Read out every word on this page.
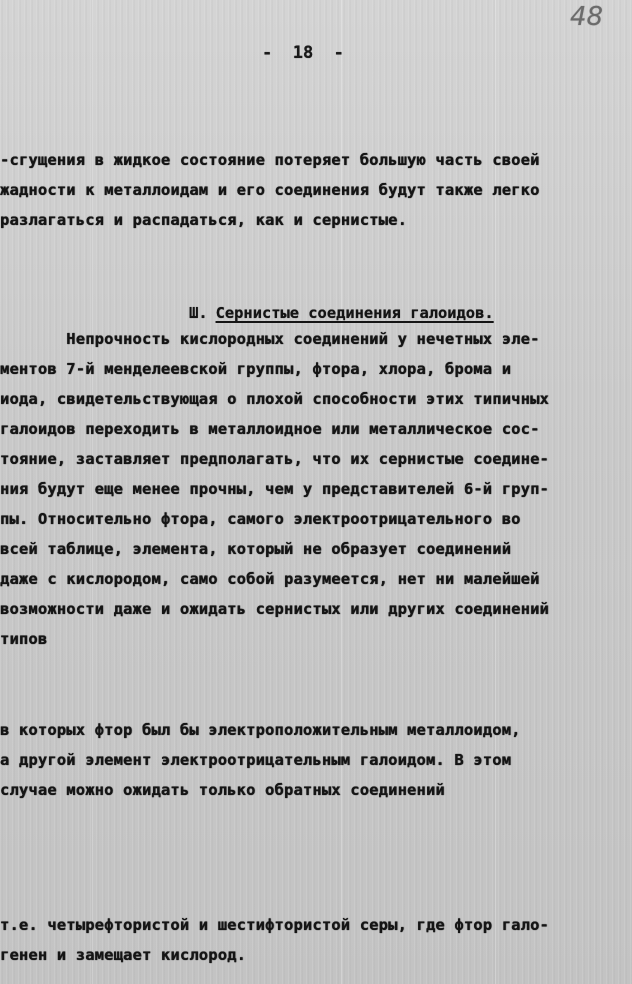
48
-  18  -
-сгущения в жидкое состояние потеряет большую часть своей
жадности к металлоидам и его соединения будут также легко
разлагаться и распадаться, как и сернистые.

Ш. Сернистые соединения галоидов.

Непрочность кислородных соединений у нечетных эле-
ментов 7-й менделеевской группы, фтора, хлора, брома и
иода, свидетельствующая о плохой способности этих типичных
галоидов переходить в металлоидное или металлическое сос-
тояние, заставляет предполагать, что их сернистые соедине-
ния будут еще менее прочны, чем у представителей 6-й груп-
пы. Относительно фтора, самого электроотрицательного во
всей таблице, элемента, который не образует соединений
даже с кислородом, само собой разумеется, нет ни малейшей
возможности даже и ожидать сернистых или других соединений
типов
в которых фтор был бы электроположительным металлоидом,
а другой элемент электроотрицательным галоидом. В этом
случае можно ожидать только обратных соединений
т.е. четырефтористой и шестифтористой серы, где фтор гало-
генен и замещает кислород.
